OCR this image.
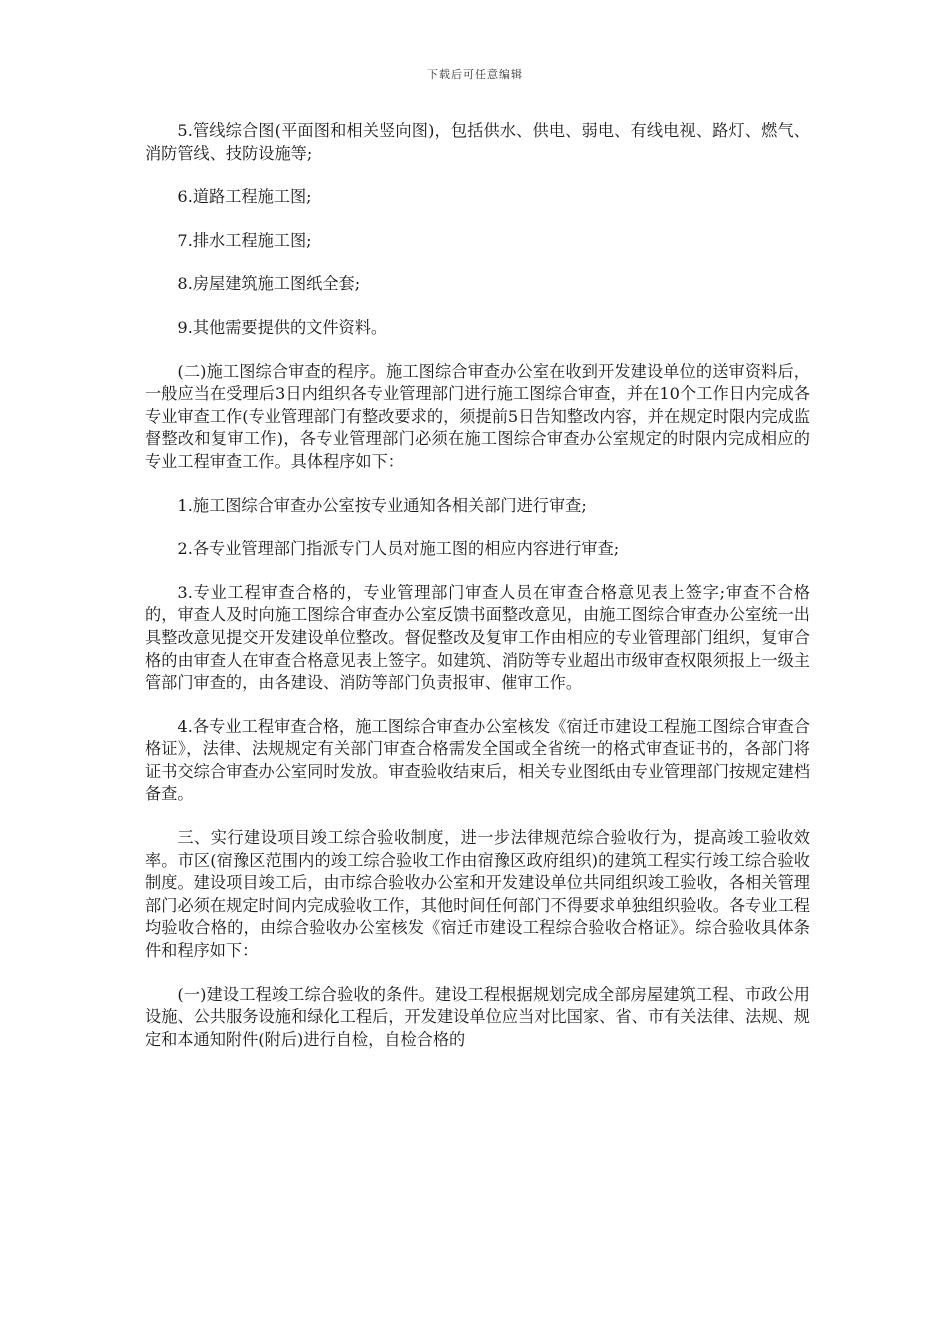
下载后可任意编辑

5.管线综合图(平面图和相关竖向图)，包括供水、供电、弱电、有线电视、路灯、燃气、消防管线、技防设施等;

6.道路工程施工图;

7.排水工程施工图;

8.房屋建筑施工图纸全套;

9.其他需要提供的文件资料。

(二)施工图综合审查的程序。施工图综合审查办公室在收到开发建设单位的送审资料后，一般应当在受理后3日内组织各专业管理部门进行施工图综合审查，并在10个工作日内完成各专业审查工作(专业管理部门有整改要求的，须提前5日告知整改内容，并在规定时限内完成监督整改和复审工作)，各专业管理部门必须在施工图综合审查办公室规定的时限内完成相应的专业工程审查工作。具体程序如下：

1.施工图综合审查办公室按专业通知各相关部门进行审查;

2.各专业管理部门指派专门人员对施工图的相应内容进行审查;

3.专业工程审查合格的，专业管理部门审查人员在审查合格意见表上签字;审查不合格的，审查人及时向施工图综合审查办公室反馈书面整改意见，由施工图综合审查办公室统一出具整改意见提交开发建设单位整改。督促整改及复审工作由相应的专业管理部门组织，复审合格的由审查人在审查合格意见表上签字。如建筑、消防等专业超出市级审查权限须报上一级主管部门审查的，由各建设、消防等部门负责报审、催审工作。

4.各专业工程审查合格，施工图综合审查办公室核发《宿迁市建设工程施工图综合审查合格证》，法律、法规规定有关部门审查合格需发全国或全省统一的格式审查证书的，各部门将证书交综合审查办公室同时发放。审查验收结束后，相关专业图纸由专业管理部门按规定建档备查。

三、实行建设项目竣工综合验收制度，进一步法律规范综合验收行为，提高竣工验收效率。市区(宿豫区范围内的竣工综合验收工作由宿豫区政府组织)的建筑工程实行竣工综合验收制度。建设项目竣工后，由市综合验收办公室和开发建设单位共同组织竣工验收，各相关管理部门必须在规定时间内完成验收工作，其他时间任何部门不得要求单独组织验收。各专业工程均验收合格的，由综合验收办公室核发《宿迁市建设工程综合验收合格证》。综合验收具体条件和程序如下：

(一)建设工程竣工综合验收的条件。建设工程根据规划完成全部房屋建筑工程、市政公用设施、公共服务设施和绿化工程后，开发建设单位应当对比国家、省、市有关法律、法规、规定和本通知附件(附后)进行自检，自检合格的
